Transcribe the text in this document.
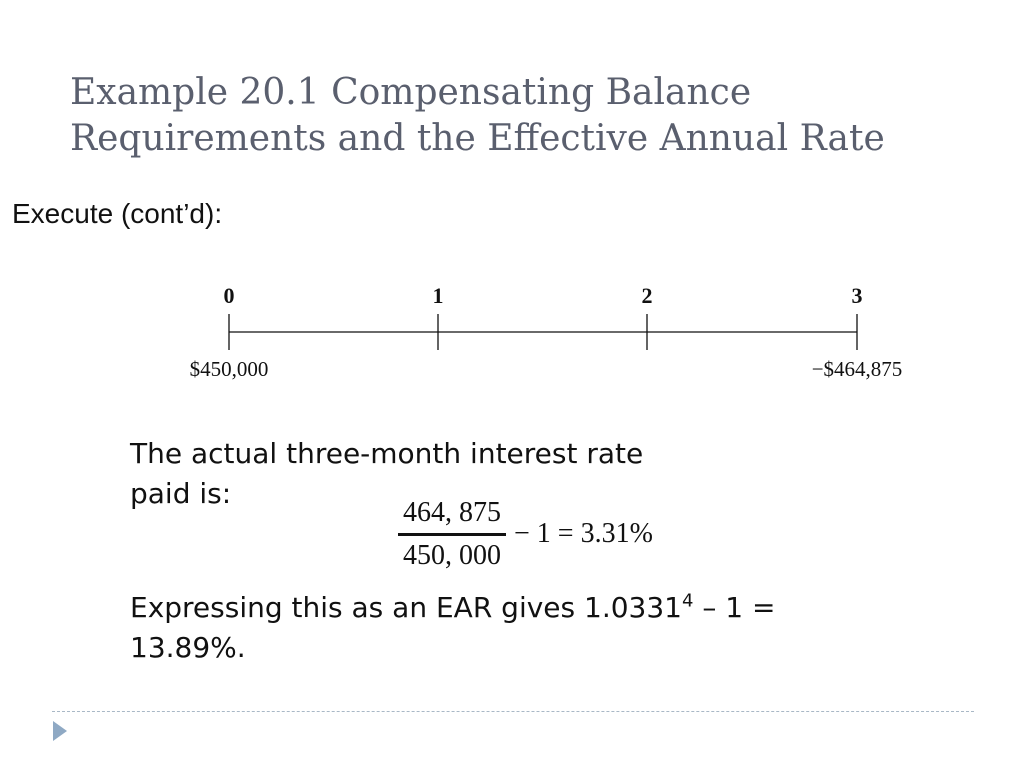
Example 20.1 Compensating Balance
Requirements and the Effective Annual Rate
Execute (cont’d):
0	1	2	3
$450,000	−$464,875
The actual three-month interest rate
paid is:
$\frac{464, 875}{450, 000} - 1 = 3.31\%$
Expressing this as an EAR gives 1.0331$^4$ – 1 =
13.89%.
